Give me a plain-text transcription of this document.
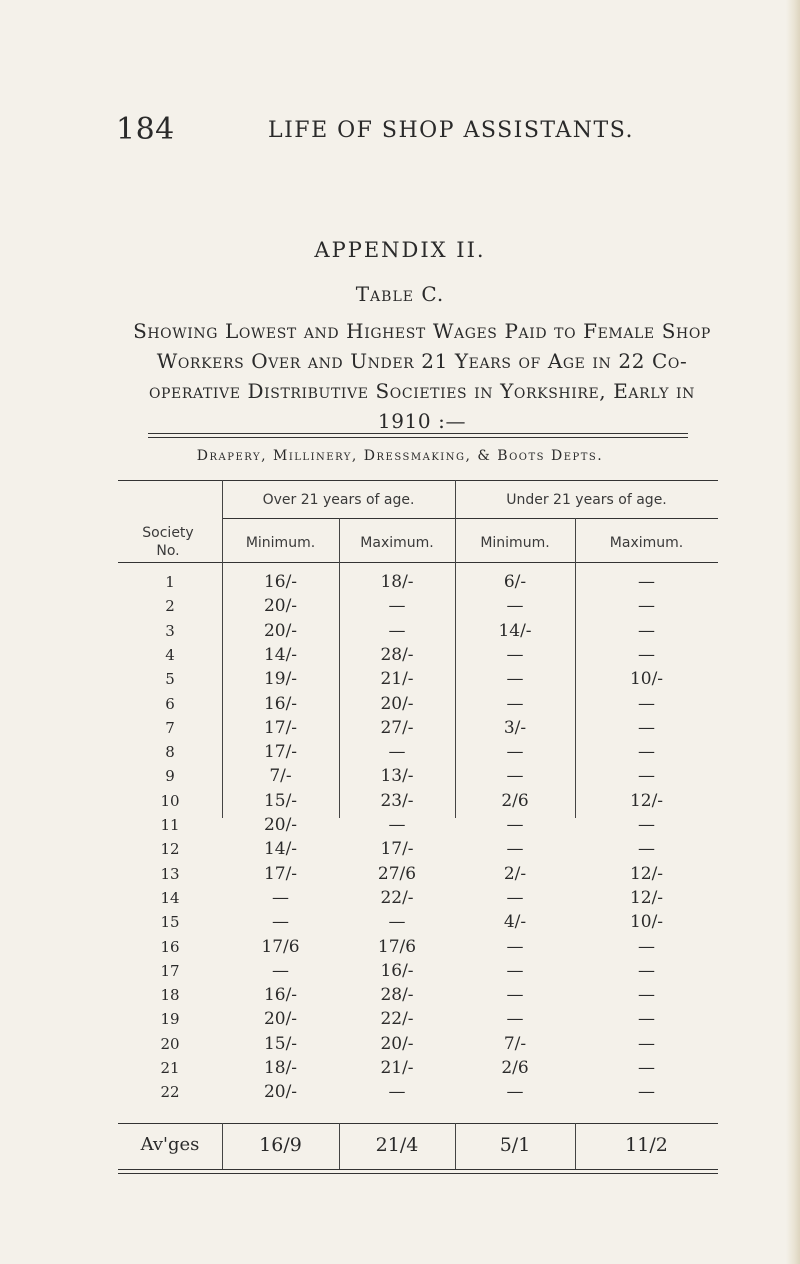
184	LIFE OF SHOP ASSISTANTS.
APPENDIX II.
Table C.
Showing Lowest and Highest Wages Paid to Female Shop Workers Over and Under 21 Years of Age in 22 Co-operative Distributive Societies in Yorkshire, Early in 1910 :—
Drapery, Millinery, Dressmaking, & Boots Depts.
Society
No.
Over 21 years of age.	Under 21 years of age.
Minimum.	Maximum.	Minimum.	Maximum.
1	16/-	18/-	6/-	—
2	20/-	—	—	—
3	20/-	—	14/-	—
4	14/-	28/-	—	—
5	19/-	21/-	—	10/-
6	16/-	20/-	—	—
7	17/-	27/-	3/-	—
8	17/-	—	—	—
9	7/-	13/-	—	—
10	15/-	23/-	2/6	12/-
11	20/-	—	—	—
12	14/-	17/-	—	—
13	17/-	27/6	2/-	12/-
14	—	22/-	—	12/-
15	—	—	4/-	10/-
16	17/6	17/6	—	—
17	—	16/-	—	—
18	16/-	28/-	—	—
19	20/-	22/-	—	—
20	15/-	20/-	7/-	—
21	18/-	21/-	2/6	—
22	20/-	—	—	—
Av'ges	16/9	21/4	5/1	11/2
